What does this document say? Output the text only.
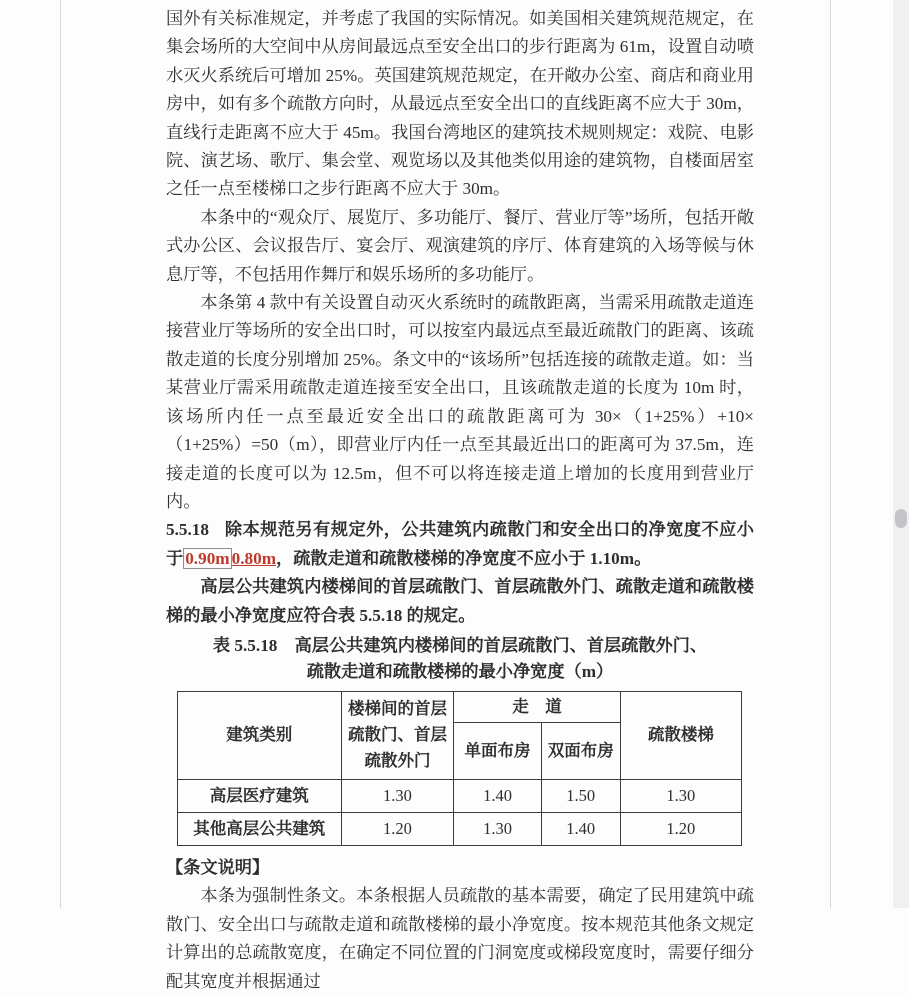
国外有关标准规定，并考虑了我国的实际情况。如美国相关建筑规范规定，在集会场所的大空间中从房间最远点至安全出口的步行距离为 61m，设置自动喷水灭火系统后可增加 25%。英国建筑规范规定，在开敞办公室、商店和商业用房中，如有多个疏散方向时，从最远点至安全出口的直线距离不应大于 30m，直线行走距离不应大于 45m。我国台湾地区的建筑技术规则规定：戏院、电影院、演艺场、歌厅、集会堂、观览场以及其他类似用途的建筑物，自楼面居室之任一点至楼梯口之步行距离不应大于 30m。

本条中的“观众厅、展览厅、多功能厅、餐厅、营业厅等”场所，包括开敞式办公区、会议报告厅、宴会厅、观演建筑的序厅、体育建筑的入场等候与休息厅等，不包括用作舞厅和娱乐场所的多功能厅。

本条第 4 款中有关设置自动灭火系统时的疏散距离，当需采用疏散走道连接营业厅等场所的安全出口时，可以按室内最远点至最近疏散门的距离、该疏散走道的长度分别增加 25%。条文中的“该场所”包括连接的疏散走道。如：当某营业厅需采用疏散走道连接至安全出口，且该疏散走道的长度为 10m 时，该场所内任一点至最近安全出口的疏散距离可为 30×（1+25%）+10×（1+25%）=50（m），即营业厅内任一点至其最近出口的距离可为 37.5m，连接走道的长度可以为 12.5m，但不可以将连接走道上增加的长度用到营业厅内。

5.5.18 除本规范另有规定外，公共建筑内疏散门和安全出口的净宽度不应小于 0.90m 0.80m，疏散走道和疏散楼梯的净宽度不应小于 1.10m。

高层公共建筑内楼梯间的首层疏散门、首层疏散外门、疏散走道和疏散楼梯的最小净宽度应符合表 5.5.18 的规定。

表 5.5.18　高层公共建筑内楼梯间的首层疏散门、首层疏散外门、
疏散走道和疏散楼梯的最小净宽度（m）
建筑类别	楼梯间的首层疏散门、首层疏散外门	走　道		疏散楼梯
		单面布房	双面布房	
高层医疗建筑	1.30	1.40	1.50	1.30
其他高层公共建筑	1.20	1.30	1.40	1.20

【条文说明】

本条为强制性条文。本条根据人员疏散的基本需要，确定了民用建筑中疏散门、安全出口与疏散走道和疏散楼梯的最小净宽度。按本规范其他条文规定计算出的总疏散宽度，在确定不同位置的门洞宽度或梯段宽度时，需要仔细分配其宽度并根据通过
